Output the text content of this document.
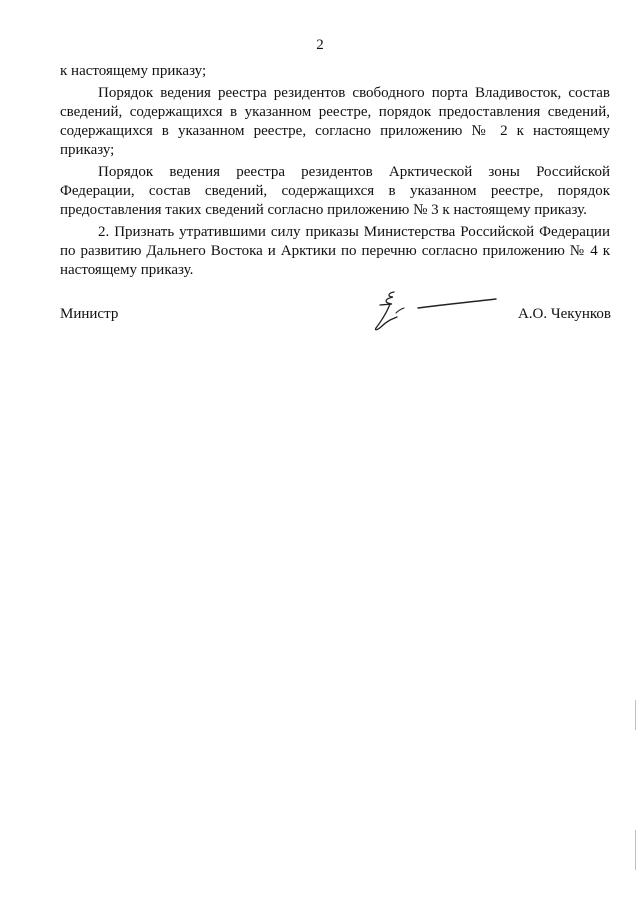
2

к настоящему приказу;

Порядок ведения реестра резидентов свободного порта Владивосток, состав сведений, содержащихся в указанном реестре, порядок предоставления сведений, содержащихся в указанном реестре, согласно приложению № 2 к настоящему приказу;

Порядок ведения реестра резидентов Арктической зоны Российской Федерации, состав сведений, содержащихся в указанном реестре, порядок предоставления таких сведений согласно приложению № 3 к настоящему приказу.

2. Признать утратившими силу приказы Министерства Российской Федерации по развитию Дальнего Востока и Арктики по перечню согласно приложению № 4 к настоящему приказу.

Министр	А.О. Чекунков
